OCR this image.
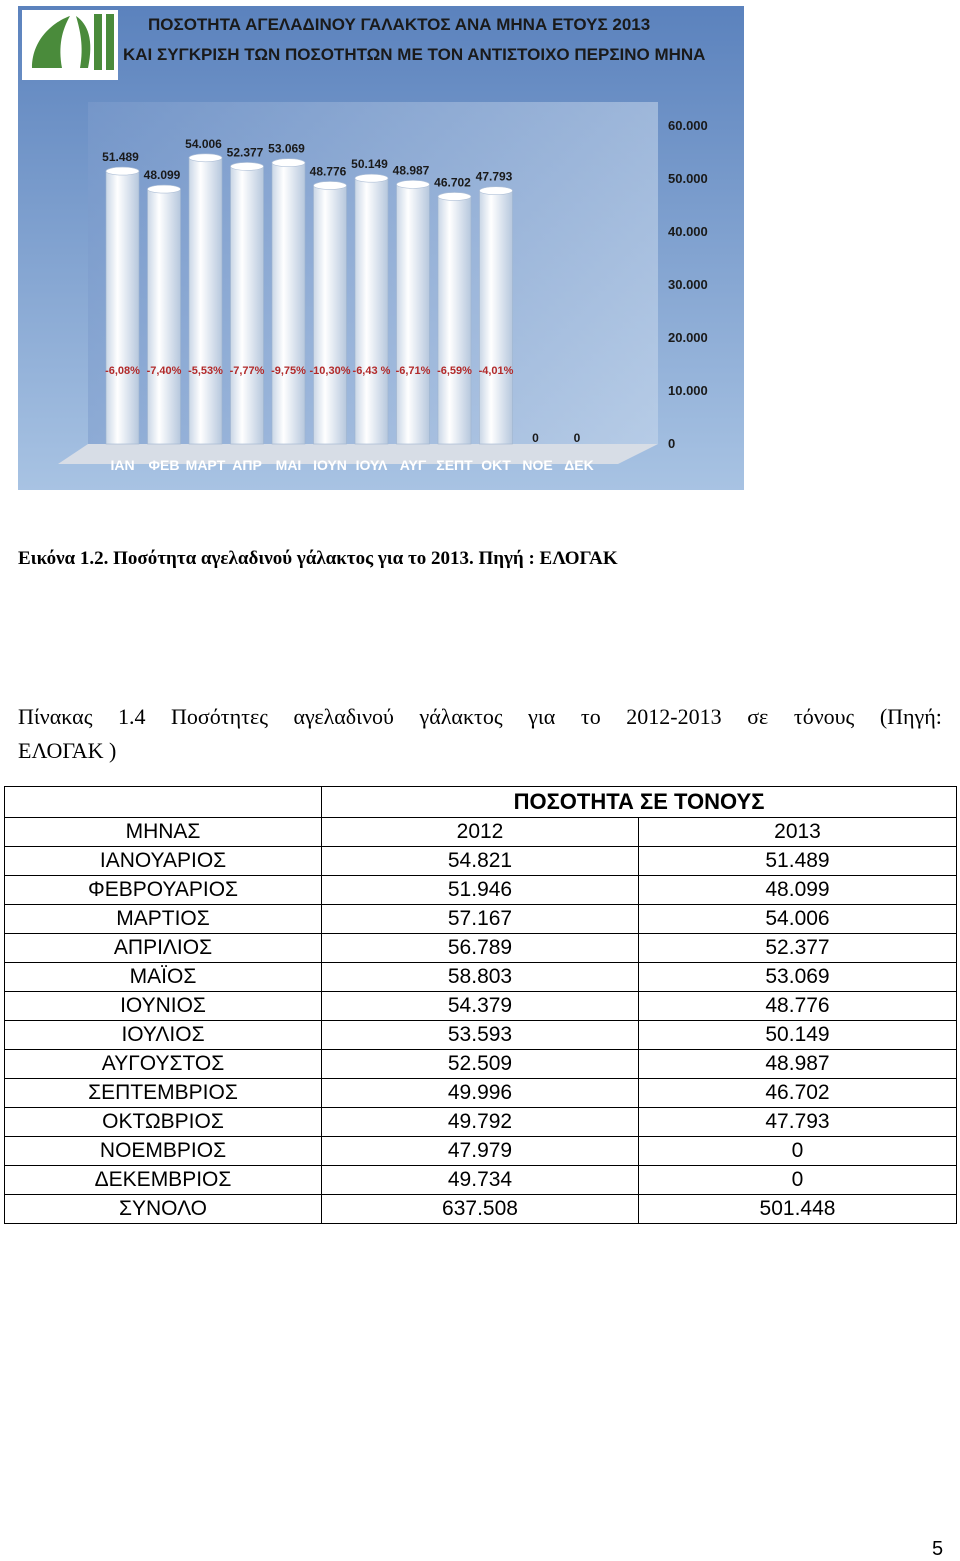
ΠΟΣΟΤΗΤΑ ΑΓΕΛΑΔΙΝΟΥ ΓΑΛΑΚΤΟΣ ΑΝΑ ΜΗΝΑ ΕΤΟΥΣ 2013
ΚΑΙ ΣΥΓΚΡΙΣΗ ΤΩΝ ΠΟΣΟΤΗΤΩΝ ΜΕ ΤΟΝ ΑΝΤΙΣΤΟΙΧΟ ΠΕΡΣΙΝΟ ΜΗΝΑ
51.489
ΙΑΝ
48.099
ΦΕΒ
54.006
ΜΑΡΤ
52.377
ΑΠΡ
53.069
ΜΑΙ
48.776
ΙΟΥΝ
50.149
ΙΟΥΛ
48.987
ΑΥΓ
46.702
ΣΕΠΤ
47.793
ΟΚΤ
0
ΝΟΕ
0
ΔΕΚ
-6,08% -7,40% -5,53% -7,77% -9,75% -10,30% -6,43 % -6,71% -6,59% -4,01%
0
10.000
20.000
30.000
40.000
50.000
60.000
Εικόνα 1.2. Ποσότητα αγελαδινού γάλακτος για το 2013. Πηγή : ΕΛΟΓΑΚ
Πίνακας 1.4 Ποσότητες αγελαδινού γάλακτος για το 2012-2013 σε τόνους (Πηγή:
ΕΛΟΓΑΚ )
	ΠΟΣΟΤΗΤΑ ΣΕ ΤΟΝΟΥΣ	
ΜΗΝΑΣ	2012	2013
ΙΑΝΟΥΑΡΙΟΣ	54.821	51.489
ΦΕΒΡΟΥΑΡΙΟΣ	51.946	48.099
ΜΑΡΤΙΟΣ	57.167	54.006
ΑΠΡΙΛΙΟΣ	56.789	52.377
ΜΑΪΟΣ	58.803	53.069
ΙΟΥΝΙΟΣ	54.379	48.776
ΙΟΥΛΙΟΣ	53.593	50.149
ΑΥΓΟΥΣΤΟΣ	52.509	48.987
ΣΕΠΤΕΜΒΡΙΟΣ	49.996	46.702
ΟΚΤΩΒΡΙΟΣ	49.792	47.793
ΝΟΕΜΒΡΙΟΣ	47.979	0
ΔΕΚΕΜΒΡΙΟΣ	49.734	0
ΣΥΝΟΛΟ	637.508	501.448
5
